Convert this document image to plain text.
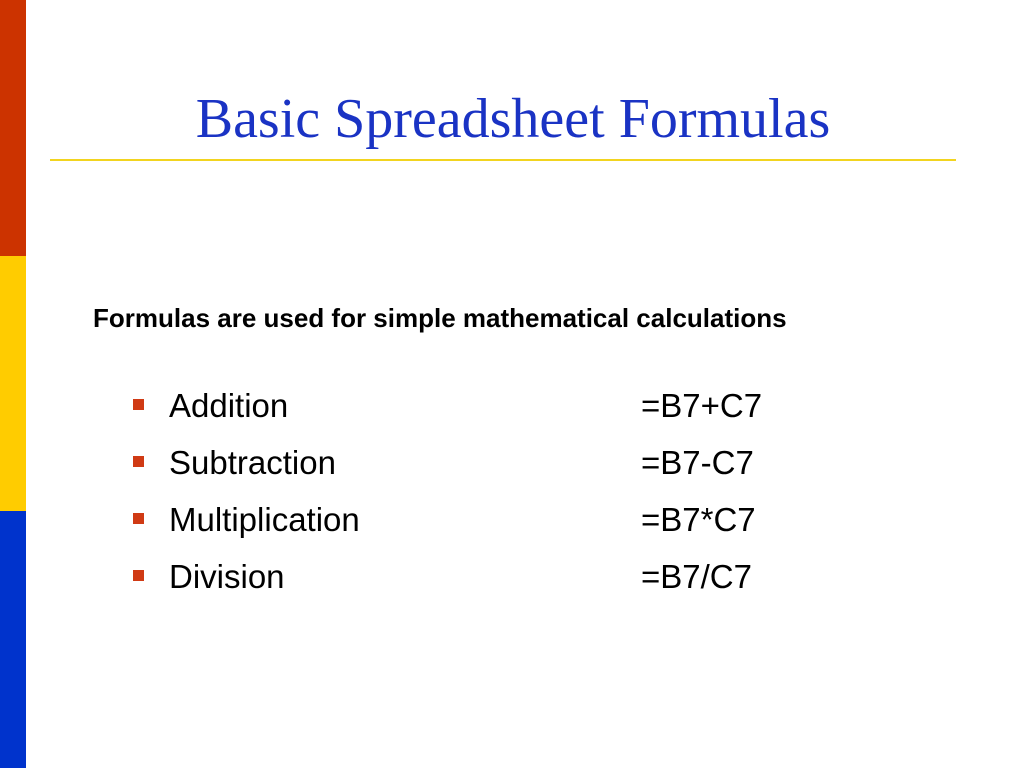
Basic Spreadsheet Formulas
Formulas are used for simple mathematical calculations
Addition	=B7+C7
Subtraction	=B7-C7
Multiplication	=B7*C7
Division	=B7/C7
